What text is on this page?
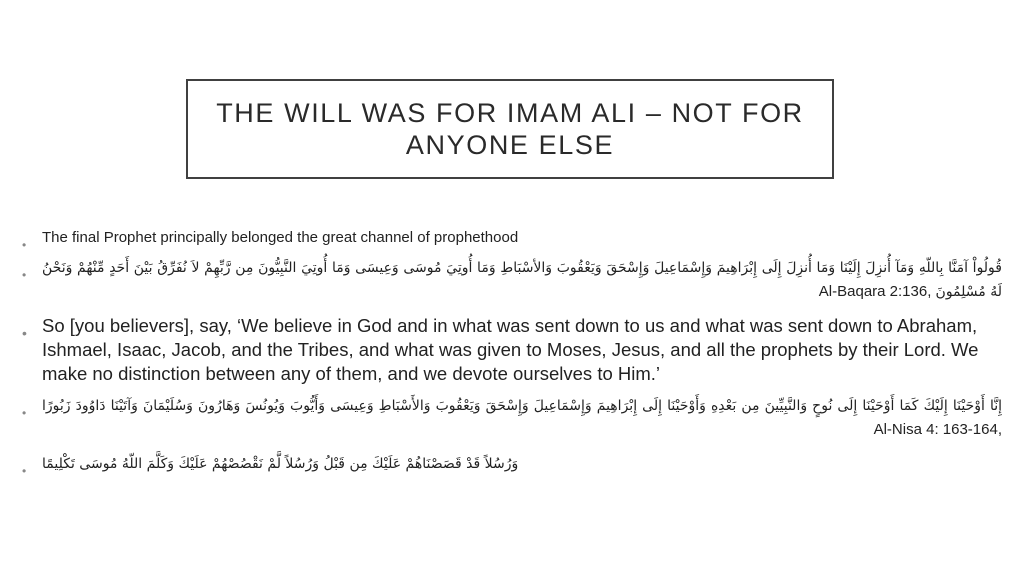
THE WILL WAS FOR IMAM ALI – NOT FOR ANYONE ELSE
• The final Prophet principally belonged the great channel of prophethood
• قُولُواْ آمَنَّا بِاللّهِ وَمَآ أُنزِلَ إِلَيْنَا وَمَا أُنزِلَ إِلَى إِبْرَاهِيمَ وَإِسْمَاعِيلَ وَإِسْحَقَ وَيَعْقُوبَ وَالأسْبَاطِ وَمَا أُوتِيَ مُوسَى وَعِيسَى وَمَا أُوتِيَ النَّبِيُّونَ مِن رَّبِّهِمْ لاَ نُفَرِّقُ بَيْنَ أَحَدٍ مِّنْهُمْ وَنَحْنُ لَهُ مُسْلِمُونَ Al-Baqara 2:136,
• So [you believers], say, ‘We believe in God and in what was sent down to us and what was sent down to Abraham, Ishmael, Isaac, Jacob, and the Tribes, and what was given to Moses, Jesus, and all the prophets by their Lord. We make no distinction between any of them, and we devote ourselves to Him.’
• إِنَّا أَوْحَيْنَا إِلَيْكَ كَمَا أَوْحَيْنَا إِلَى نُوحٍ وَالنَّبِيِّينَ مِن بَعْدِهِ وَأَوْحَيْنَا إِلَى إِبْرَاهِيمَ وَإِسْمَاعِيلَ وَإِسْحَقَ وَيَعْقُوبَ وَالأَسْبَاطِ وَعِيسَى وَأَيُّوبَ وَيُونُسَ وَهَارُونَ وَسُلَيْمَانَ وَآتَيْنَا دَاوُودَ زَبُورًا Al-Nisa 4: 163-164,
• وَرُسُلاً قَدْ قَصَصْنَاهُمْ عَلَيْكَ مِن قَبْلُ وَرُسُلاً لَّمْ نَقْصُصْهُمْ عَلَيْكَ وَكَلَّمَ اللّهُ مُوسَى تَكْلِيمًا
